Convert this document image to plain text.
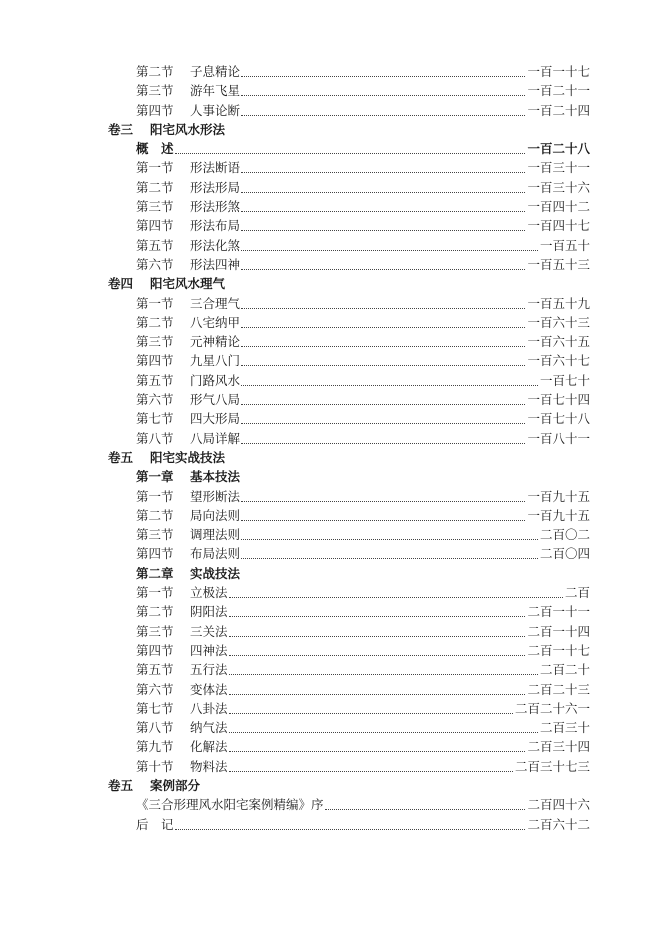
第二节 子息精论	一百一十七
第三节 游年飞星	一百二十一
第四节 人事论断	一百二十四
卷三 阳宅风水形法
概　述	一百二十八
第一节 形法断语	一百三十一
第二节 形法形局	一百三十六
第三节 形法形煞	一百四十二
第四节 形法布局	一百四十七
第五节 形法化煞	一百五十
第六节 形法四神	一百五十三
卷四 阳宅风水理气
第一节 三合理气	一百五十九
第二节 八宅纳甲	一百六十三
第三节 元神精论	一百六十五
第四节 九星八门	一百六十七
第五节 门路风水	一百七十
第六节 形气八局	一百七十四
第七节 四大形局	一百七十八
第八节 八局详解	一百八十一
卷五 阳宅实战技法
第一章 基本技法
第一节 望形断法	一百九十五
第二节 局向法则	一百九十五
第三节 调理法则	二百〇二
第四节 布局法则	二百〇四
第二章 实战技法
第一节 立极法	二百
第二节 阴阳法	二百一十一
第三节 三关法	二百一十四
第四节 四神法	二百一十七
第五节 五行法	二百二十
第六节 变体法	二百二十三
第七节 八卦法	二百二十六一
第八节 纳气法	二百三十
第九节 化解法	二百三十四
第十节 物料法	二百三十七三
卷五 案例部分
《三合形理风水阳宅案例精编》序	二百四十六
后　记	二百六十二
